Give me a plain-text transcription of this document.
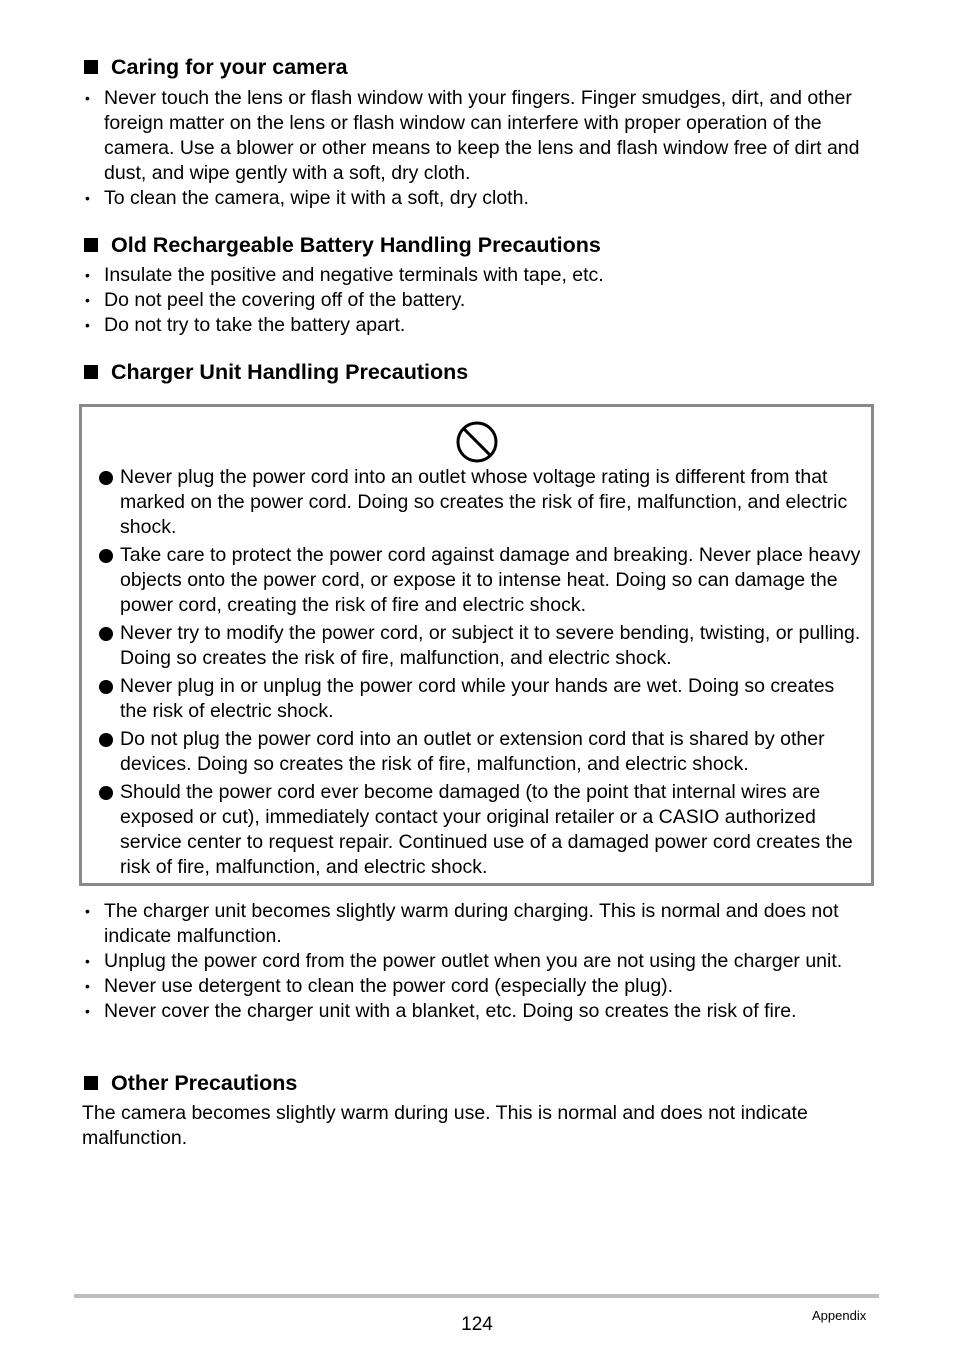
Caring for your camera
• Never touch the lens or flash window with your fingers. Finger smudges, dirt, and other foreign matter on the lens or flash window can interfere with proper operation of the camera. Use a blower or other means to keep the lens and flash window free of dirt and dust, and wipe gently with a soft, dry cloth.
• To clean the camera, wipe it with a soft, dry cloth.
Old Rechargeable Battery Handling Precautions
• Insulate the positive and negative terminals with tape, etc.
• Do not peel the covering off of the battery.
• Do not try to take the battery apart.
Charger Unit Handling Precautions
Never plug the power cord into an outlet whose voltage rating is different from that marked on the power cord. Doing so creates the risk of fire, malfunction, and electric shock.
Take care to protect the power cord against damage and breaking. Never place heavy objects onto the power cord, or expose it to intense heat. Doing so can damage the power cord, creating the risk of fire and electric shock.
Never try to modify the power cord, or subject it to severe bending, twisting, or pulling. Doing so creates the risk of fire, malfunction, and electric shock.
Never plug in or unplug the power cord while your hands are wet. Doing so creates the risk of electric shock.
Do not plug the power cord into an outlet or extension cord that is shared by other devices. Doing so creates the risk of fire, malfunction, and electric shock.
Should the power cord ever become damaged (to the point that internal wires are exposed or cut), immediately contact your original retailer or a CASIO authorized service center to request repair. Continued use of a damaged power cord creates the risk of fire, malfunction, and electric shock.
• The charger unit becomes slightly warm during charging. This is normal and does not indicate malfunction.
• Unplug the power cord from the power outlet when you are not using the charger unit.
• Never use detergent to clean the power cord (especially the plug).
• Never cover the charger unit with a blanket, etc. Doing so creates the risk of fire.
Other Precautions
The camera becomes slightly warm during use. This is normal and does not indicate malfunction.
124	Appendix
